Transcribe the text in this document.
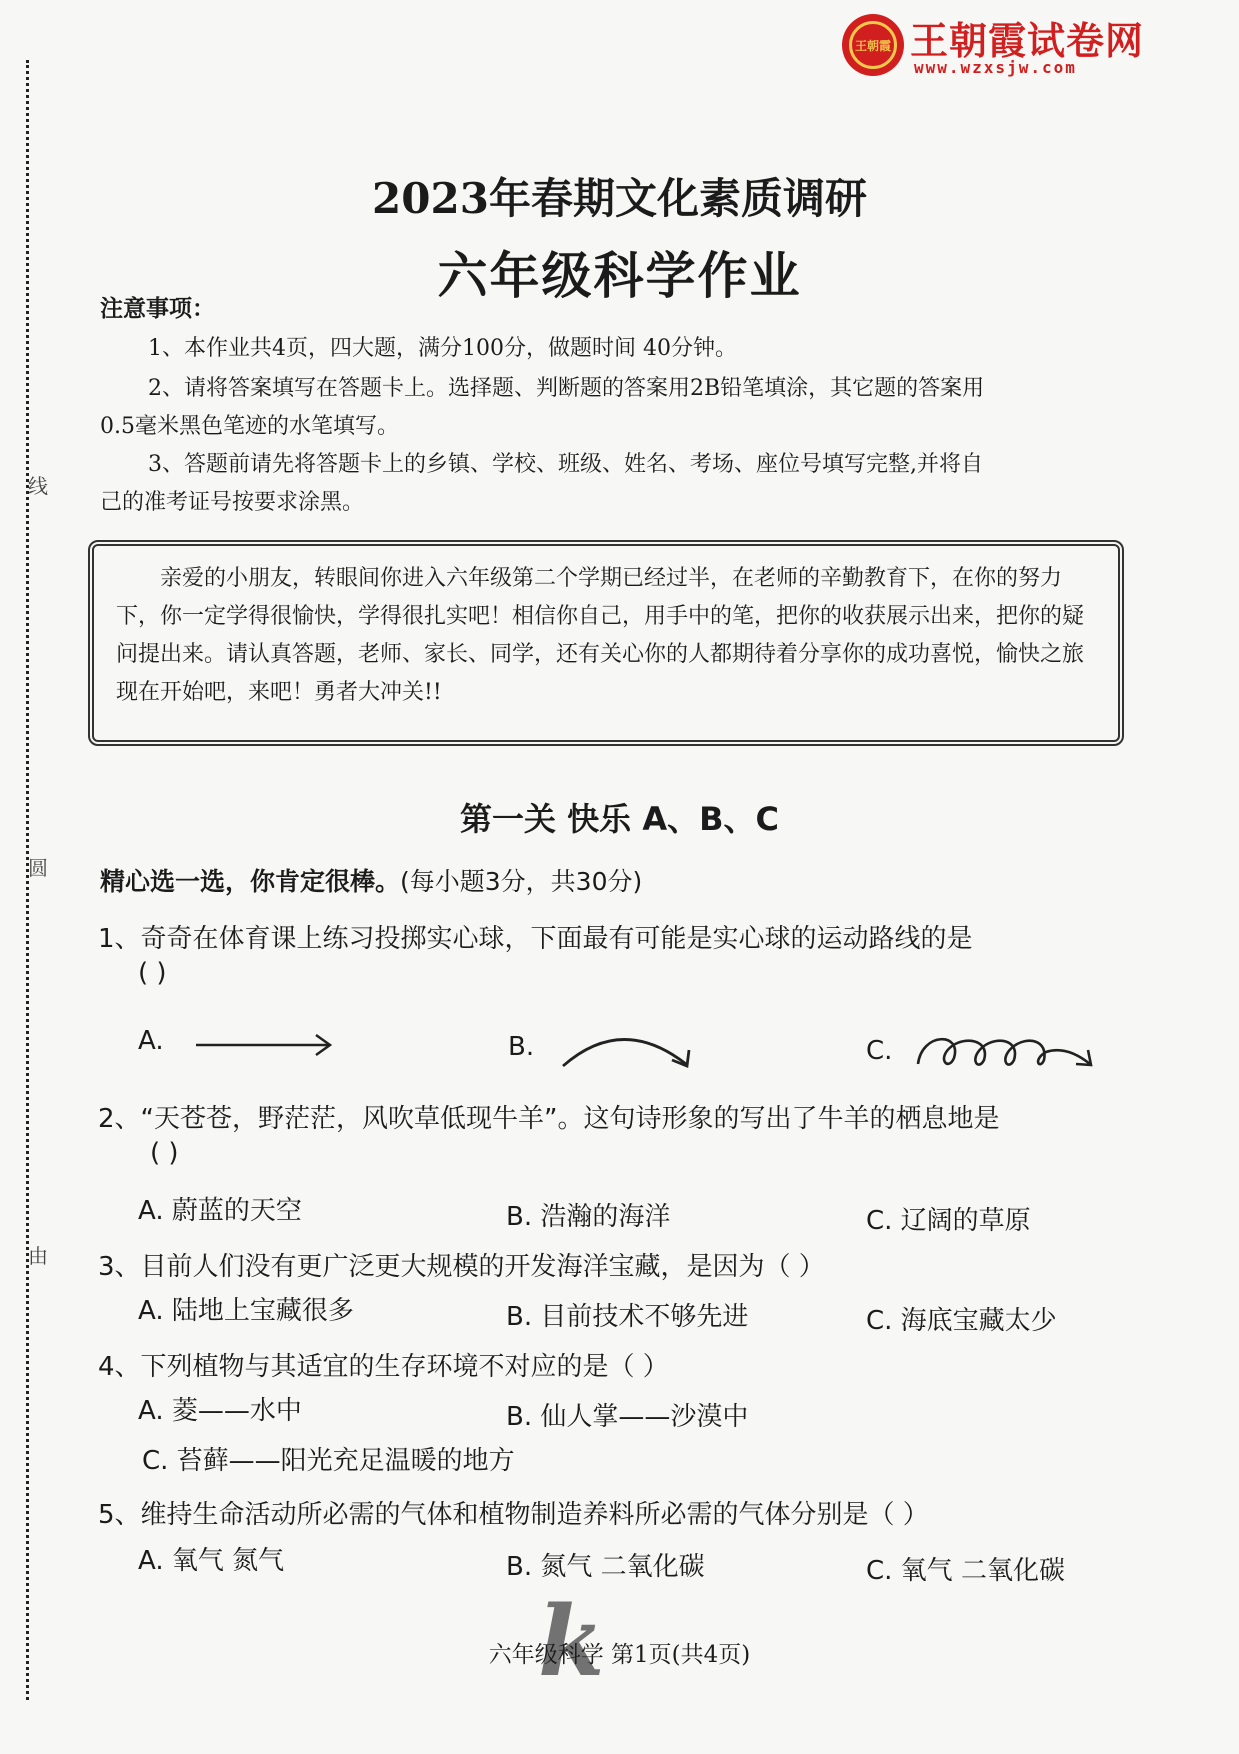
线
圆
由
王朝霞 王朝霞试卷网
www.wzxsjw.com
2023年春期文化素质调研
六年级科学作业
注意事项：
1、本作业共4页，四大题，满分100分，做题时间 40分钟。
2、请将答案填写在答题卡上。选择题、判断题的答案用2B铅笔填涂，其它题的答案用
0.5毫米黑色笔迹的水笔填写。
3、答题前请先将答题卡上的乡镇、学校、班级、姓名、考场、座位号填写完整,并将自
己的准考证号按要求涂黑。
亲爱的小朋友，转眼间你进入六年级第二个学期已经过半，在老师的辛勤教育下，在你的努力下，你一定学得很愉快，学得很扎实吧！相信你自己，用手中的笔，把你的收获展示出来，把你的疑问提出来。请认真答题，老师、家长、同学，还有关心你的人都期待着分享你的成功喜悦，愉快之旅现在开始吧，来吧！勇者大冲关!!
第一关 快乐 A、B、C
精心选一选，你肯定很棒。(每小题3分，共30分)
1、奇奇在体育课上练习投掷实心球，下面最有可能是实心球的运动路线的是
( )
A.	B.	C.
2、“天苍苍，野茫茫，风吹草低现牛羊”。这句诗形象的写出了牛羊的栖息地是
( )
A. 蔚蓝的天空	B. 浩瀚的海洋	C. 辽阔的草原
3、目前人们没有更广泛更大规模的开发海洋宝藏，是因为（ ）
A. 陆地上宝藏很多	B. 目前技术不够先进	C. 海底宝藏太少
4、下列植物与其适宜的生存环境不对应的是（ ）
A. 菱——水中	B. 仙人掌——沙漠中
C. 苔藓——阳光充足温暖的地方
5、维持生命活动所必需的气体和植物制造养料所必需的气体分别是（ ）
A. 氧气 氮气	B. 氮气 二氧化碳	C. 氧气 二氧化碳
k
六年级科学 第1页(共4页)
